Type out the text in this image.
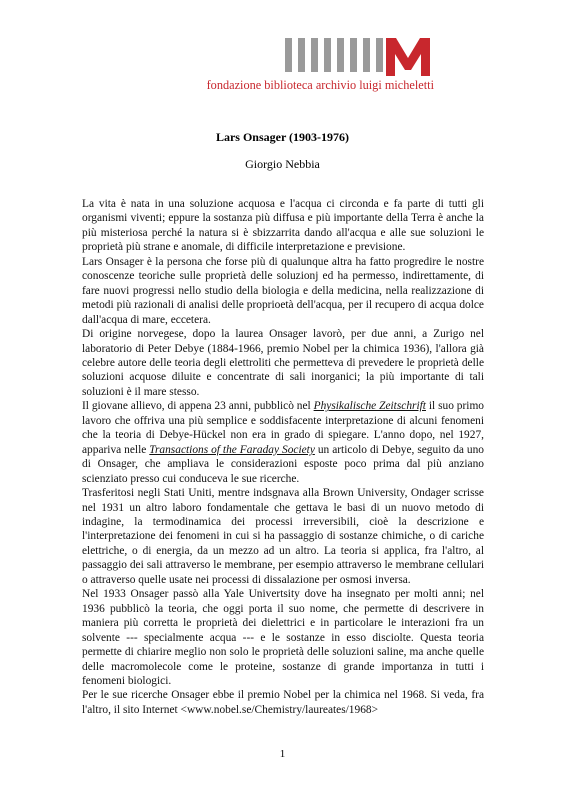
fondazione biblioteca archivio luigi micheletti
Lars Onsager (1903-1976)
Giorgio Nebbia

La vita è nata in una soluzione acquosa e l'acqua ci circonda e fa parte di tutti gli organismi viventi; eppure la sostanza più diffusa e più importante della Terra è anche la più misteriosa perché la natura si è sbizzarrita dando all'acqua e alle sue soluzioni le proprietà più strane e anomale, di difficile interpretazione e previsione.

Lars Onsager è la persona che forse più di qualunque altra ha fatto progredire le nostre conoscenze teoriche sulle proprietà delle soluzionj ed ha permesso, indirettamente, di fare nuovi progressi nello studio della biologia e della medicina, nella realizzazione di metodi più razionali di analisi delle proprioetà dell'acqua, per il recupero di acqua dolce dall'acqua di mare, eccetera.

Di origine norvegese, dopo la laurea Onsager lavorò, per due anni, a Zurigo nel laboratorio di Peter Debye (1884-1966, premio Nobel per la chimica 1936), l'allora già celebre autore delle teoria degli elettroliti che permetteva di prevedere le proprietà delle soluzioni acquose diluite e concentrate di sali inorganici; la più importante di tali soluzioni è il mare stesso.

Il giovane allievo, di appena 23 anni, pubblicò nel Physikalische Zeitschrift il suo primo lavoro che offriva una più semplice e soddisfacente interpretazione di alcuni fenomeni che la teoria di Debye-Hückel non era in grado di spiegare. L'anno dopo, nel 1927, apparivа nelle Transactions of the Faraday Society un articolo di Debye, seguito da uno di Onsager, che ampliava le considerazioni esposte poco prima dal più anziano scienziato presso cui conduceva le sue ricerche.

Trasferitosi negli Stati Uniti, mentre indsgnava alla Brown University, Ondager scrisse nel 1931 un altro laboro fondamentale che gettava le basi di un nuovo metodo di indagine, la termodinamica dei processi irreversibili, cioè la descrizione e l'interpretazione dei fenomeni in cui si ha passaggio di sostanze chimiche, o di cariche elettriche, o di energia, da un mezzo ad un altro. La teoria si applica, fra l'altro, al passaggio dei sali attraverso le membrane, per esempio attraverso le membrane cellulari o attraverso quelle usate nei processi di dissalazione per osmosi inversa.

Nel 1933 Onsager passò alla Yale Univertsity dove ha insegnato per molti anni; nel 1936 pubblicò la teoria, che oggi porta il suo nome, che permette di descrivere in maniera più corretta le proprietà dei dielettrici e in particolare le interazioni fra un solvente --- specialmente acqua --- e le sostanze in esso disciolte. Questa teoria permette di chiarire meglio non solo le proprietà delle soluzioni saline, ma anche quelle delle macromolecole come le proteine, sostanze di grande importanza in tutti i fenomeni biologici.

Per le sue ricerche Onsager ebbe il premio Nobel per la chimica nel 1968. Si veda, fra l'altro, il sito Internet <www.nobel.se/Chemistry/laureates/1968>

1
